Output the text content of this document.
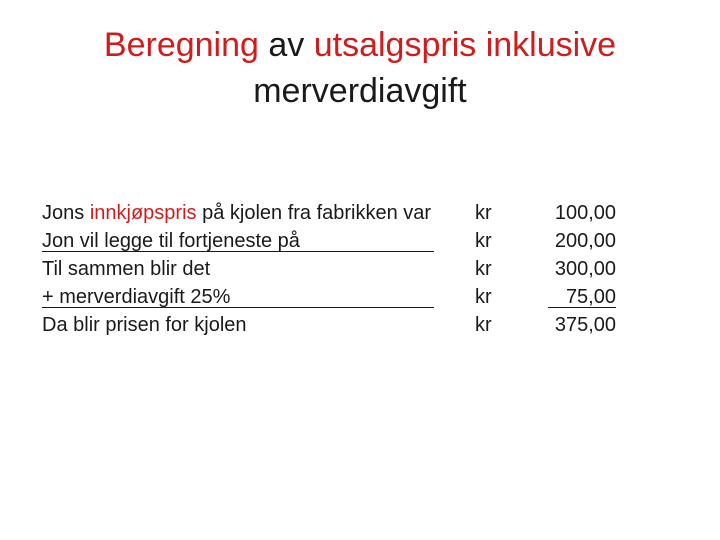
Beregning av utsalgspris inklusive
merverdiavgift
Jons innkjøpspris på kjolen fra fabrikken var kr	100,00
Jon vil legge til fortjeneste på	kr	200,00
Til sammen blir det	kr	300,00
+ merverdiavgift 25%	kr	75,00
Da blir prisen for kjolen	kr	375,00
